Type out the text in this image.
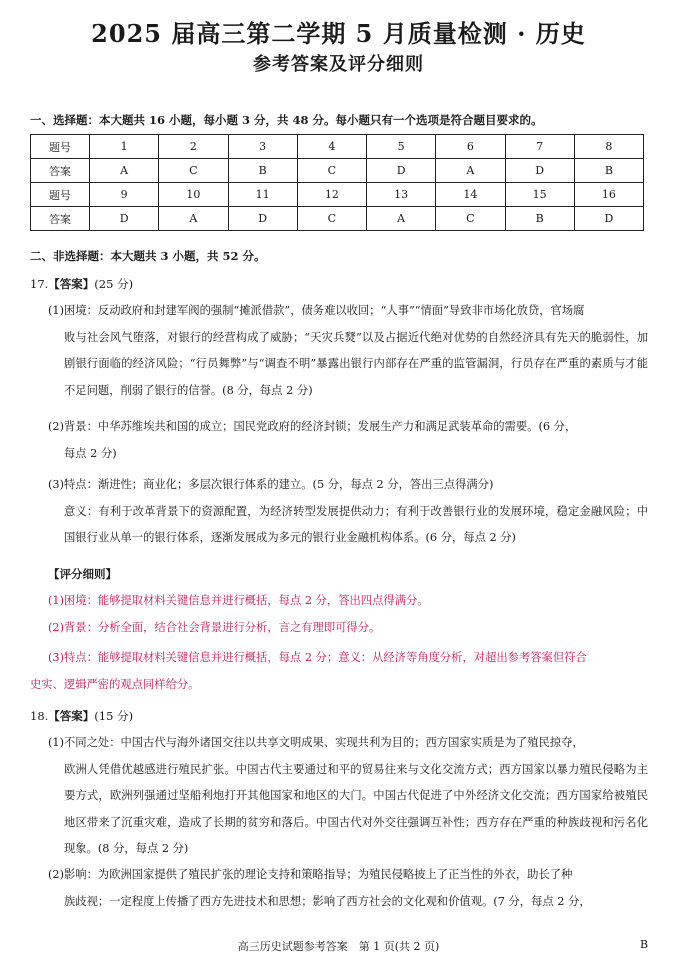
2025 届高三第二学期 5 月质量检测 · 历史
参考答案及评分细则
一、选择题：本大题共 16 小题，每小题 3 分，共 48 分。每小题只有一个选项是符合题目要求的。
题号	1	2	3	4	5	6	7	8
答案	A	C	B	C	D	A	D	B
题号	9	10	11	12	13	14	15	16
答案	D	A	D	C	A	C	B	D
二、非选择题：本大题共 3 小题，共 52 分。
17.【答案】(25 分)
(1)困境：反动政府和封建军阀的强制“摊派借款”，债务难以收回；“人事”“情面”导致非市场化放贷，官场腐
败与社会风气堕落，对银行的经营构成了威胁；“天灾兵燹”以及占据近代绝对优势的自然经济具有先天的脆弱性，加剧银行面临的经济风险；“行员舞弊”与“调查不明”暴露出银行内部存在严重的监管漏洞，行员存在严重的素质与才能不足问题，削弱了银行的信誉。(8 分，每点 2 分)
(2)背景：中华苏维埃共和国的成立；国民党政府的经济封锁；发展生产力和满足武装革命的需要。(6 分，
每点 2 分)
(3)特点：渐进性；商业化；多层次银行体系的建立。(5 分，每点 2 分，答出三点得满分)
意义：有利于改革背景下的资源配置，为经济转型发展提供动力；有利于改善银行业的发展环境，稳定金融风险；中国银行业从单一的银行体系，逐渐发展成为多元的银行业金融机构体系。(6 分，每点 2 分)
【评分细则】
(1)困境：能够提取材料关键信息并进行概括，每点 2 分，答出四点得满分。
(2)背景：分析全面，结合社会背景进行分析，言之有理即可得分。
(3)特点：能够提取材料关键信息并进行概括，每点 2 分；意义：从经济等角度分析，对超出参考答案但符合
史实、逻辑严密的观点同样给分。
18.【答案】(15 分)
(1)不同之处：中国古代与海外诸国交往以共享文明成果、实现共利为目的；西方国家实质是为了殖民掠夺，
欧洲人凭借优越感进行殖民扩张。中国古代主要通过和平的贸易往来与文化交流方式；西方国家以暴力殖民侵略为主要方式，欧洲列强通过坚船利炮打开其他国家和地区的大门。中国古代促进了中外经济文化交流；西方国家给被殖民地区带来了沉重灾难，造成了长期的贫穷和落后。中国古代对外交往强调互补性；西方存在严重的种族歧视和污名化现象。(8 分，每点 2 分)
(2)影响：为欧洲国家提供了殖民扩张的理论支持和策略指导；为殖民侵略披上了正当性的外衣，助长了种
族歧视；一定程度上传播了西方先进技术和思想；影响了西方社会的文化观和价值观。(7 分，每点 2 分，
高三历史试题参考答案　第 1 页(共 2 页)	B
